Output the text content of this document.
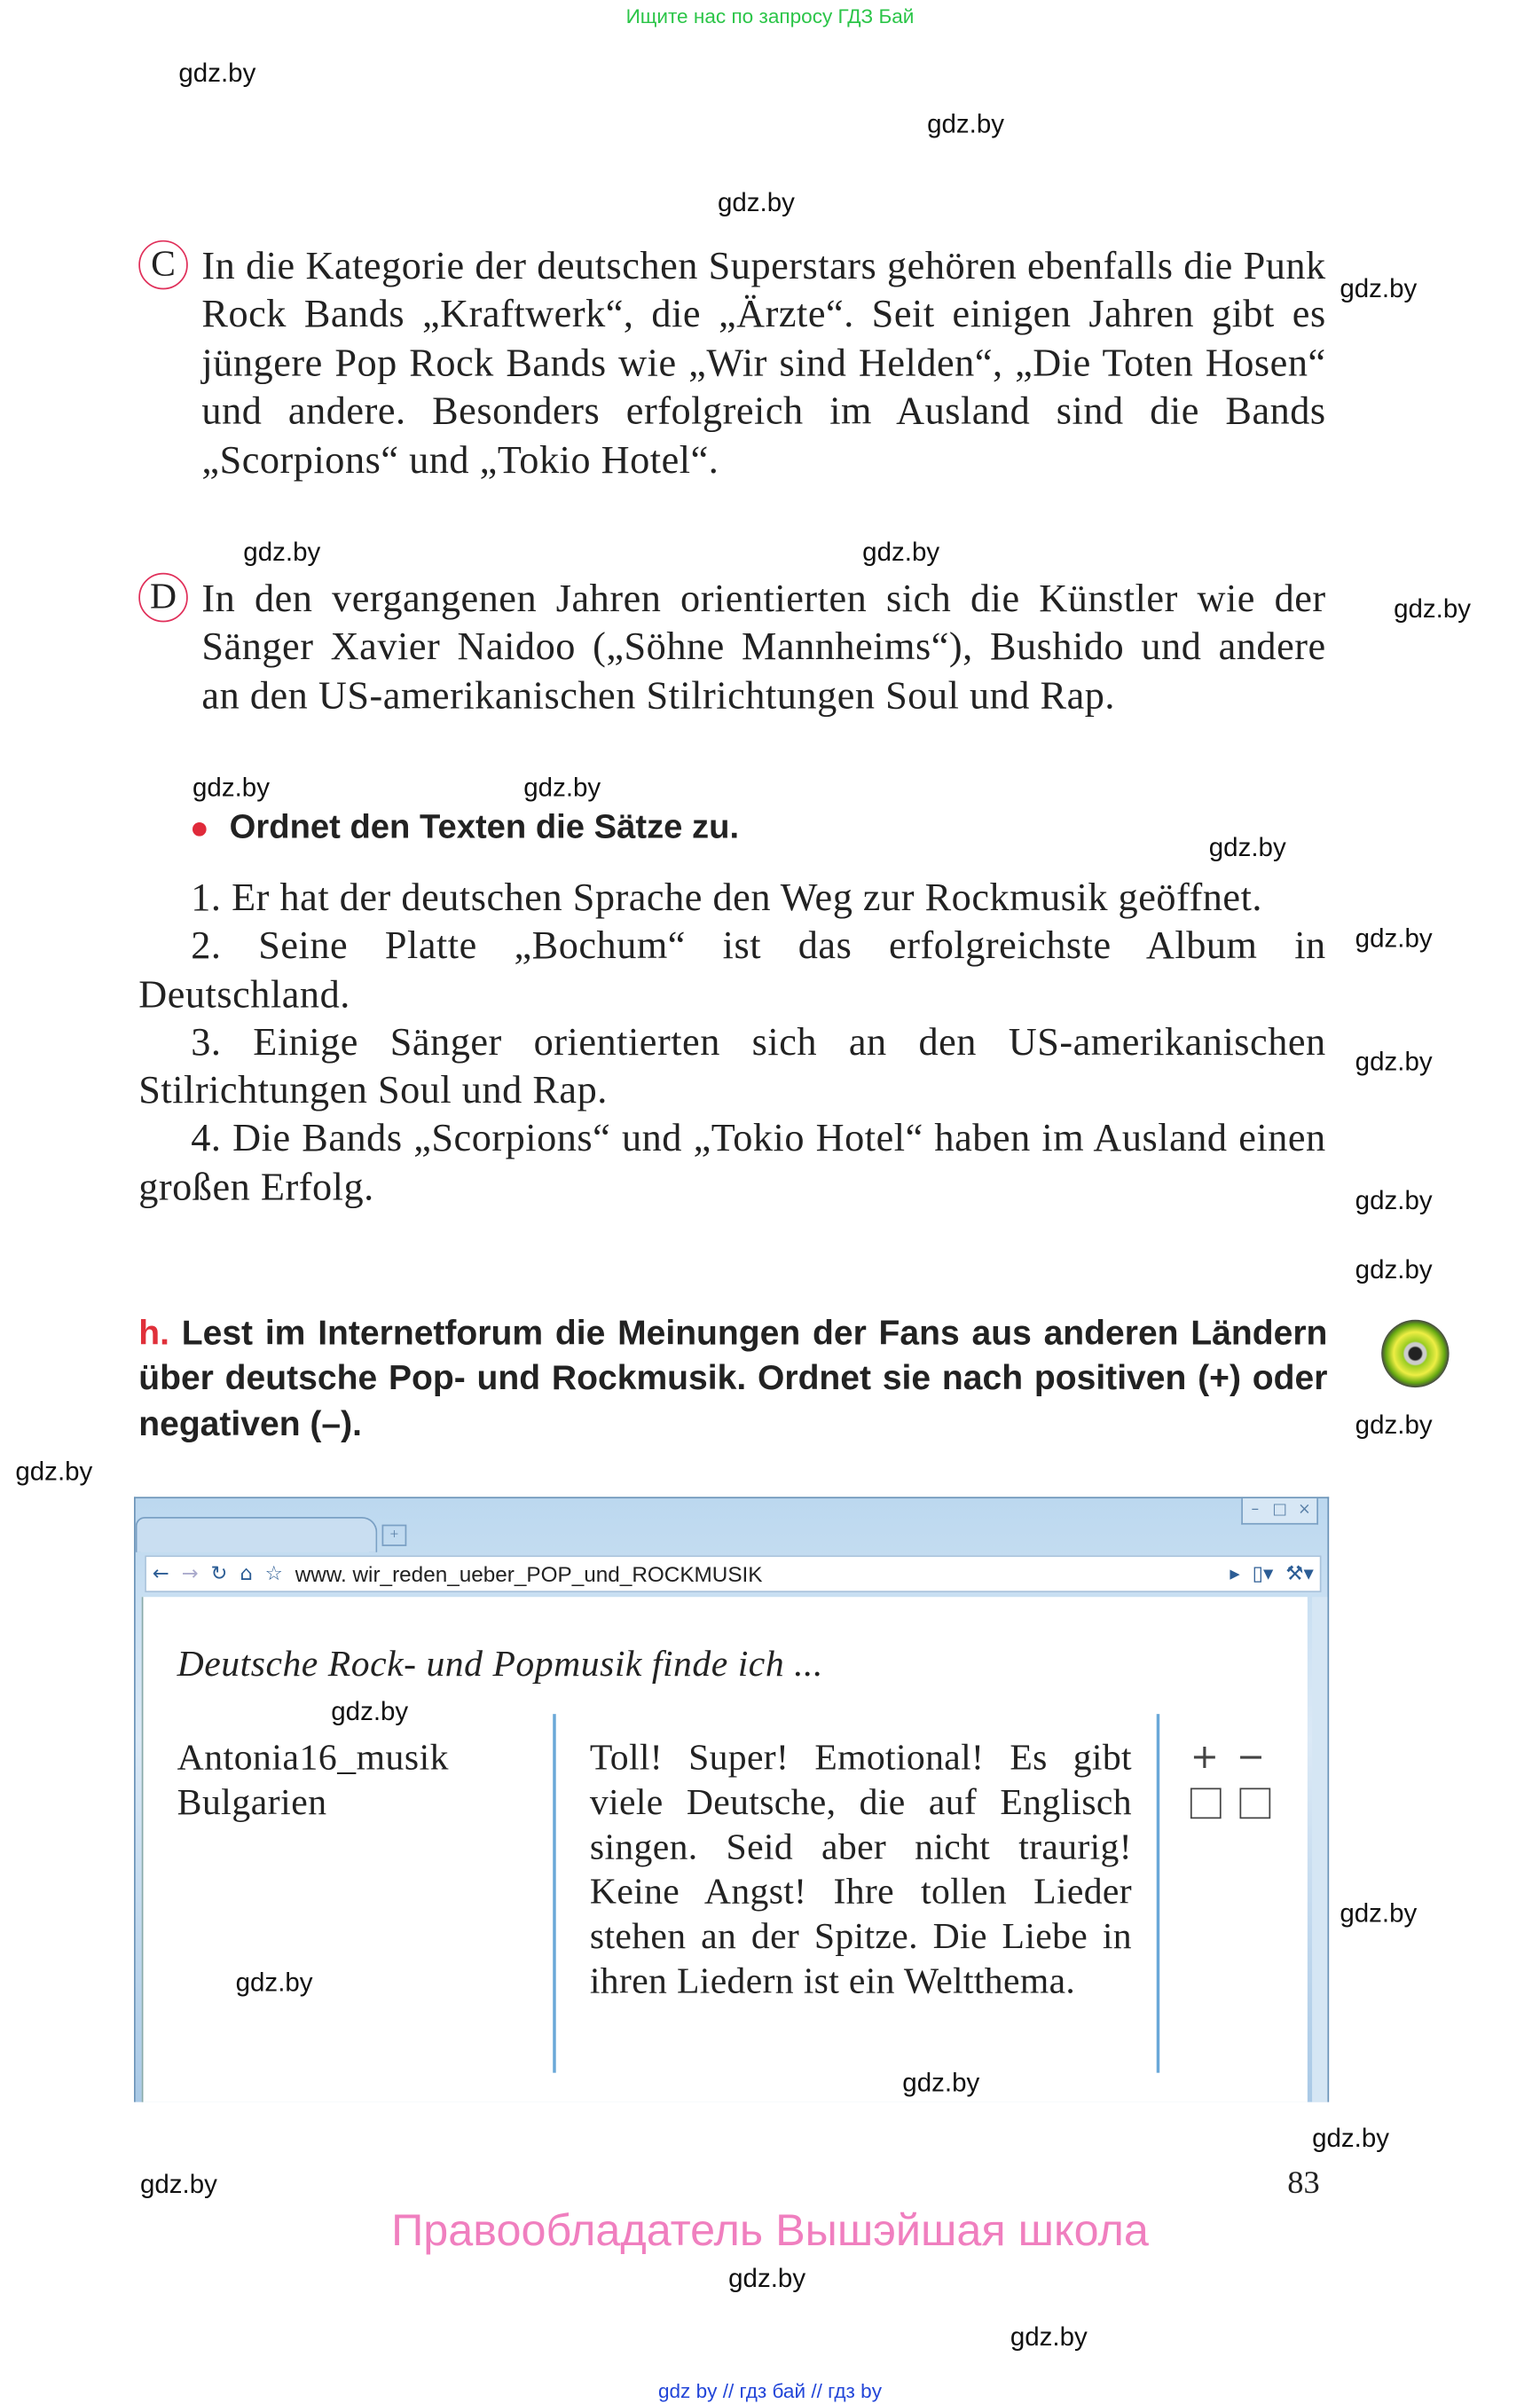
Ищите нас по запросу ГДЗ Бай
gdz.by
gdz.by
gdz.by
gdz.by
gdz.by
gdz.by
gdz.by
gdz.by
gdz.by
gdz.by
gdz.by
gdz.by
gdz.by
gdz.by
gdz.by
gdz.by
gdz.by
gdz.by
gdz.by
gdz.by
gdz.by
C	In die Kategorie der deutschen Superstars gehören ebenfalls die Punk Rock Bands „Kraftwerk“, die „Ärzte“. Seit einigen Jahren gibt es jüngere Pop Rock Bands wie „Wir sind Helden“, „Die Toten Hosen“ und andere. Besonders erfolgreich im Ausland sind die Bands „Scorpions“ und „Tokio Hotel“.
D	In den vergangenen Jahren orientierten sich die Künstler wie der Sänger Xavier Naidoo („Söhne Mannheims“), Bushido und andere an den US-amerikanischen Stilrichtungen Soul und Rap.
Ordnet den Texten die Sätze zu.

1. Er hat der deutschen Sprache den Weg zur Rockmusik geöffnet.

2. Seine Platte „Bochum“ ist das erfolgreichste Album in Deutschland.

3. Einige Sänger orientierten sich an den US-amerikanischen Stilrichtungen Soul und Rap.

4. Die Bands „Scorpions“ und „Tokio Hotel“ haben im Ausland einen großen Erfolg.

h. Lest im Internetforum die Meinungen der Fans aus anderen Ländern über deutsche Pop- und Rockmusik. Ordnet sie nach positiven (+) oder negativen (–).
+
–	□	×
← → ↻ ⌂ ☆ www. wir_reden_ueber_POP_und_ROCKMUSIK	▸ ▯▾ ⚒▾
Deutsche Rock- und Popmusik finde ich ...
gdz.by
Antonia16_musik
Bulgarien
gdz.by
gdz.by
Toll! Super! Emotional! Es gibt viele Deutsche, die auf Englisch singen. Seid aber nicht traurig! Keine Angst! Ihre tollen Lieder stehen an der Spitze. Die Liebe in ihren Liedern ist ein Weltthema.
+ −
83
Правообладатель Вышэйшая школа
gdz by // гдз бай // гдз by
